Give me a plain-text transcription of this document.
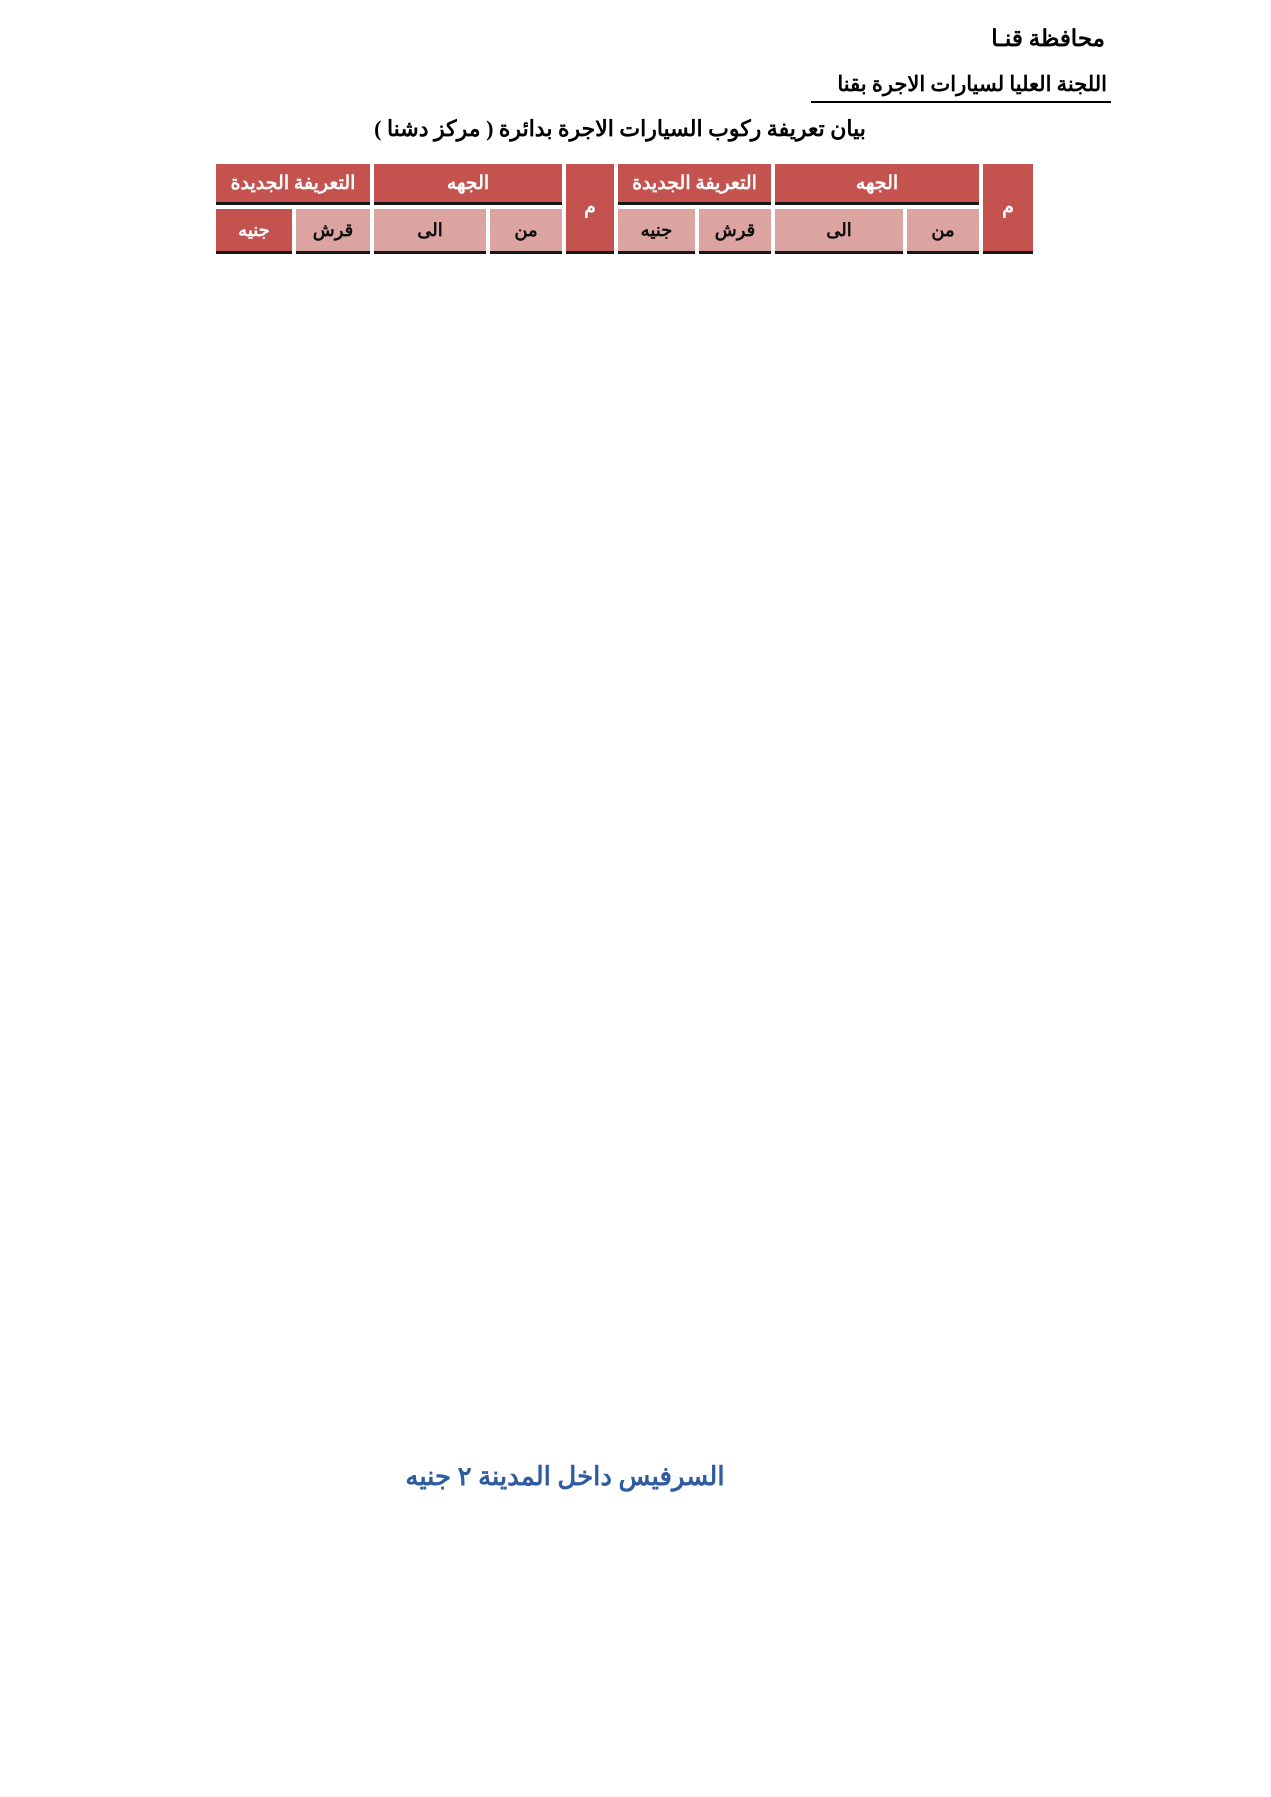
محافظة قنـا
اللجنة العليا لسيارات الاجرة بقنا
بيان تعريفة ركوب السيارات الاجرة بدائرة ( مركز دشنا )
م	الجهه		التعريفة الجديدة		م	الجهه		التعريفة الجديدة	
	من	الى	قرش	جنيه		من	الى	قرش	جنيه
السرفيس داخل المدينة ٢ جنيه
